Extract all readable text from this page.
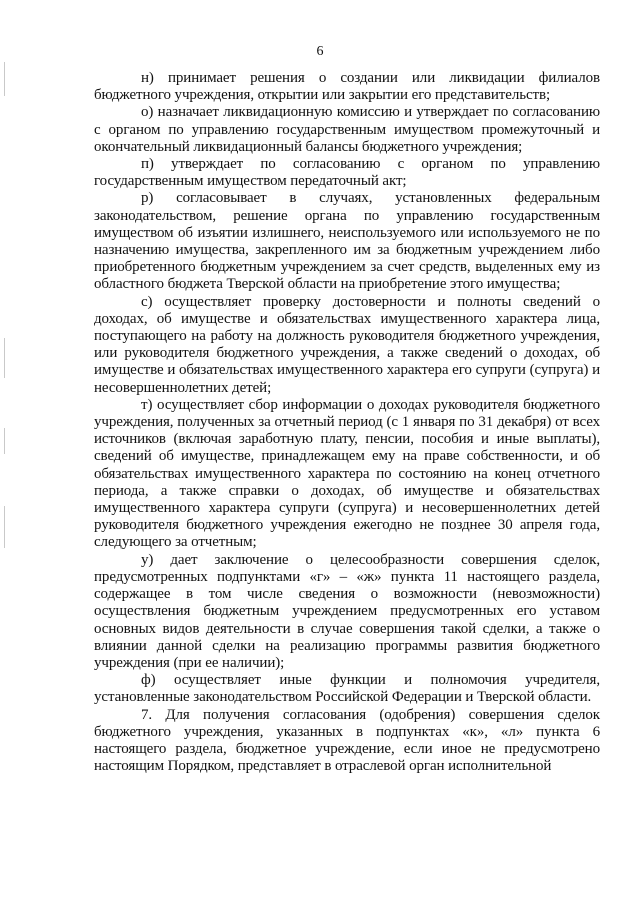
6

н) принимает решения о создании или ликвидации филиалов бюджетного учреждения, открытии или закрытии его представительств;

о) назначает ликвидационную комиссию и утверждает по согласованию с органом по управлению государственным имуществом промежуточный и окончательный ликвидационный балансы бюджетного учреждения;

п) утверждает по согласованию с органом по управлению государственным имуществом передаточный акт;

р) согласовывает в случаях, установленных федеральным законодательством, решение органа по управлению государственным имуществом об изъятии излишнего, неиспользуемого или используемого не по назначению имущества, закрепленного им за бюджетным учреждением либо приобретенного бюджетным учреждением за счет средств, выделенных ему из областного бюджета Тверской области на приобретение этого имущества;

с) осуществляет проверку достоверности и полноты сведений о доходах, об имуществе и обязательствах имущественного характера лица, поступающего на работу на должность руководителя бюджетного учреждения, или руководителя бюджетного учреждения, а также сведений о доходах, об имуществе и обязательствах имущественного характера его супруги (супруга) и несовершеннолетних детей;

т) осуществляет сбор информации о доходах руководителя бюджетного учреждения, полученных за отчетный период (с 1 января по 31 декабря) от всех источников (включая заработную плату, пенсии, пособия и иные выплаты), сведений об имуществе, принадлежащем ему на праве собственности, и об обязательствах имущественного характера по состоянию на конец отчетного периода, а также справки о доходах, об имуществе и обязательствах имущественного характера супруги (супруга) и несовершеннолетних детей руководителя бюджетного учреждения ежегодно не позднее 30 апреля года, следующего за отчетным;

у) дает заключение о целесообразности совершения сделок, предусмотренных подпунктами «г» – «ж» пункта 11 настоящего раздела, содержащее в том числе сведения о возможности (невозможности) осуществления бюджетным учреждением предусмотренных его уставом основных видов деятельности в случае совершения такой сделки, а также о влиянии данной сделки на реализацию программы развития бюджетного учреждения (при ее наличии);

ф) осуществляет иные функции и полномочия учредителя, установленные законодательством Российской Федерации и Тверской области.

7. Для получения согласования (одобрения) совершения сделок бюджетного учреждения, указанных в подпунктах «к», «л» пункта 6 настоящего раздела, бюджетное учреждение, если иное не предусмотрено настоящим Порядком, представляет в отраслевой орган исполнительной
